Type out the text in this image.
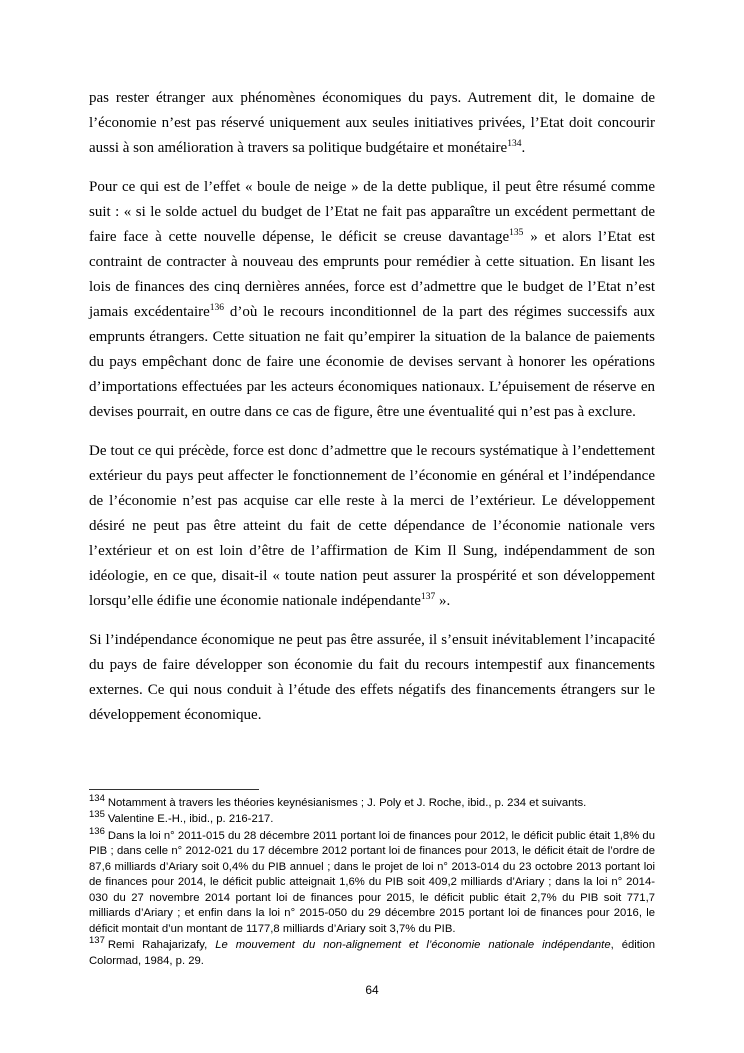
pas rester étranger aux phénomènes économiques du pays. Autrement dit, le domaine de l’économie n’est pas réservé uniquement aux seules initiatives privées, l’Etat doit concourir aussi à son amélioration à travers sa politique budgétaire et monétaire$^{134}$.

Pour ce qui est de l’effet « boule de neige » de la dette publique, il peut être résumé comme suit : « si le solde actuel du budget de l’Etat ne fait pas apparaître un excédent permettant de faire face à cette nouvelle dépense, le déficit se creuse davantage$^{135}$ » et alors l’Etat est contraint de contracter à nouveau des emprunts pour remédier à cette situation. En lisant les lois de finances des cinq dernières années, force est d’admettre que le budget de l’Etat n’est jamais excédentaire$^{136}$ d’où le recours inconditionnel de la part des régimes successifs aux emprunts étrangers. Cette situation ne fait qu’empirer la situation de la balance de paiements du pays empêchant donc de faire une économie de devises servant à honorer les opérations d’importations effectuées par les acteurs économiques nationaux. L’épuisement de réserve en devises pourrait, en outre dans ce cas de figure, être une éventualité qui n’est pas à exclure.

De tout ce qui précède, force est donc d’admettre que le recours systématique à l’endettement extérieur du pays peut affecter le fonctionnement de l’économie en général et l’indépendance de l’économie n’est pas acquise car elle reste à la merci de l’extérieur. Le développement désiré ne peut pas être atteint du fait de cette dépendance de l’économie nationale vers l’extérieur et on est loin d’être de l’affirmation de Kim Il Sung, indépendamment de son idéologie, en ce que, disait-il « toute nation peut assurer la prospérité et son développement lorsqu’elle édifie une économie nationale indépendante$^{137}$ ».

Si l’indépendance économique ne peut pas être assurée, il s’ensuit inévitablement l’incapacité du pays de faire développer son économie du fait du recours intempestif aux financements externes. Ce qui nous conduit à l’étude des effets négatifs des financements étrangers sur le développement économique.

$^{134}$ Notamment à travers les théories keynésianismes ; J. Poly et J. Roche, ibid., p. 234 et suivants.
$^{135}$ Valentine E.-H., ibid., p. 216-217.
$^{136}$ Dans la loi n° 2011-015 du 28 décembre 2011 portant loi de finances pour 2012, le déficit public était 1,8% du PIB ; dans celle n° 2012-021 du 17 décembre 2012 portant loi de finances pour 2013, le déficit était de l’ordre de 87,6 milliards d’Ariary soit 0,4% du PIB annuel ; dans le projet de loi n° 2013-014 du 23 octobre 2013 portant loi de finances pour 2014, le déficit public atteignait 1,6% du PIB soit 409,2 milliards d’Ariary ; dans la loi n° 2014-030 du 27 novembre 2014 portant loi de finances pour 2015, le déficit public était 2,7% du PIB soit 771,7 milliards d’Ariary ; et enfin dans la loi n° 2015-050 du 29 décembre 2015 portant loi de finances pour 2016, le déficit montait d’un montant de 1177,8 milliards d’Ariary soit 3,7% du PIB.
$^{137}$ Remi Rahajarizafy, Le mouvement du non-alignement et l’économie nationale indépendante, édition Colormad, 1984, p. 29.
64
